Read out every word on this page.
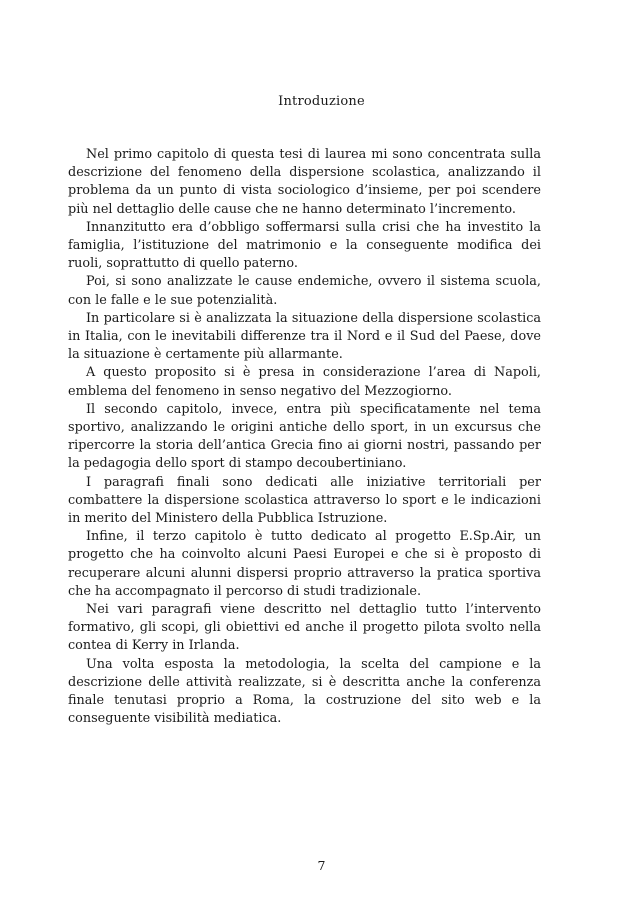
Introduzione

Nel primo capitolo di questa tesi di laurea mi sono concentrata sulla descrizione del fenomeno della dispersione scolastica, analizzando il problema da un punto di vista sociologico d’insieme, per poi scendere più nel dettaglio delle cause che ne hanno determinato l’incremento.

Innanzitutto era d’obbligo soffermarsi sulla crisi che ha investito la famiglia, l’istituzione del matrimonio e la conseguente modifica dei ruoli, soprattutto di quello paterno.

Poi, si sono analizzate le cause endemiche, ovvero il sistema scuola, con le falle e le sue potenzialità.

In particolare si è analizzata la situazione della dispersione scolastica in Italia, con le inevitabili differenze tra il Nord e il Sud del Paese, dove la situazione è certamente più allarmante.

A questo proposito si è presa in considerazione l’area di Napoli, emblema del fenomeno in senso negativo del Mezzogiorno.

Il secondo capitolo, invece, entra più specificatamente nel tema sportivo, analizzando le origini antiche dello sport, in un excursus che ripercorre la storia dell’antica Grecia fino ai giorni nostri, passando per la pedagogia dello sport di stampo decoubertiniano.

I paragrafi finali sono dedicati alle iniziative territoriali per combattere la dispersione scolastica attraverso lo sport e le indicazioni in merito del Ministero della Pubblica Istruzione.

Infine, il terzo capitolo è tutto dedicato al progetto E.Sp.Air, un progetto che ha coinvolto alcuni Paesi Europei e che si è proposto di recuperare alcuni alunni dispersi proprio attraverso la pratica sportiva che ha accompagnato il percorso di studi tradizionale.

Nei vari paragrafi viene descritto nel dettaglio tutto l’intervento formativo, gli scopi, gli obiettivi ed anche il progetto pilota svolto nella contea di Kerry in Irlanda.

Una volta esposta la metodologia, la scelta del campione e la descrizione delle attività realizzate, si è descritta anche la conferenza finale tenutasi proprio a Roma, la costruzione del sito web e la conseguente visibilità mediatica.

7
